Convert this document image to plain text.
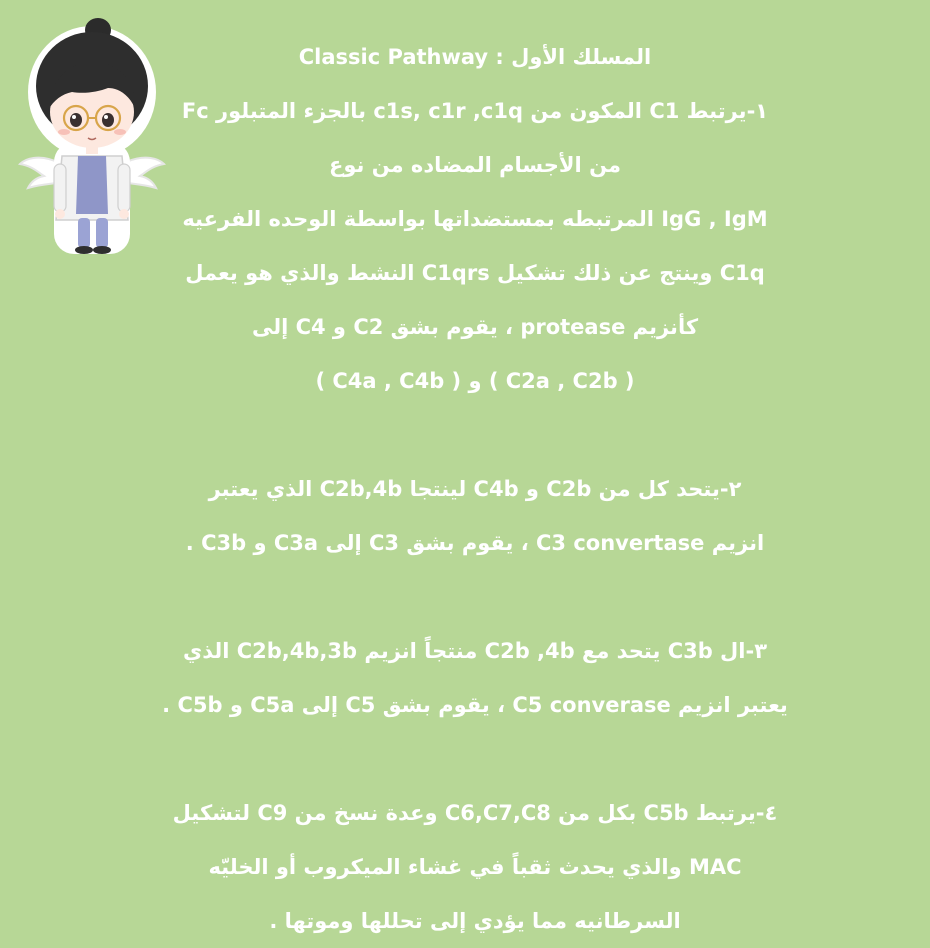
المسلك الأول : Classic Pathway
١-يرتبط C1 المكون من c1s, c1r ,c1q بالجزء المتبلور Fc
من الأجسام المضاده من نوع
IgG , IgM المرتبطه بمستضداتها بواسطة الوحده الفرعيه
C1q وينتج عن ذلك تشكيل C1qrs النشط والذي هو يعمل
كأنزيم protease ، يقوم بشق C2 و C4 إلى
( C2a , C2b ) و ( C4a , C4b )
٢-يتحد كل من C2b و C4b لينتجا C2b,4b الذي يعتبر
انزيم C3 convertase ، يقوم بشق C3 إلى C3a و C3b .
٣-ال C3b يتحد مع C2b ,4b منتجاً انزيم C2b,4b,3b الذي
يعتبر انزيم C5 converase ، يقوم بشق C5 إلى C5a و C5b .
٤-يرتبط C5b بكل من C6,C7,C8 وعدة نسخ من C9 لتشكيل
MAC والذي يحدث ثقباً في غشاء الميكروب أو الخليّه
السرطانيه مما يؤدي إلى تحللها وموتها .
